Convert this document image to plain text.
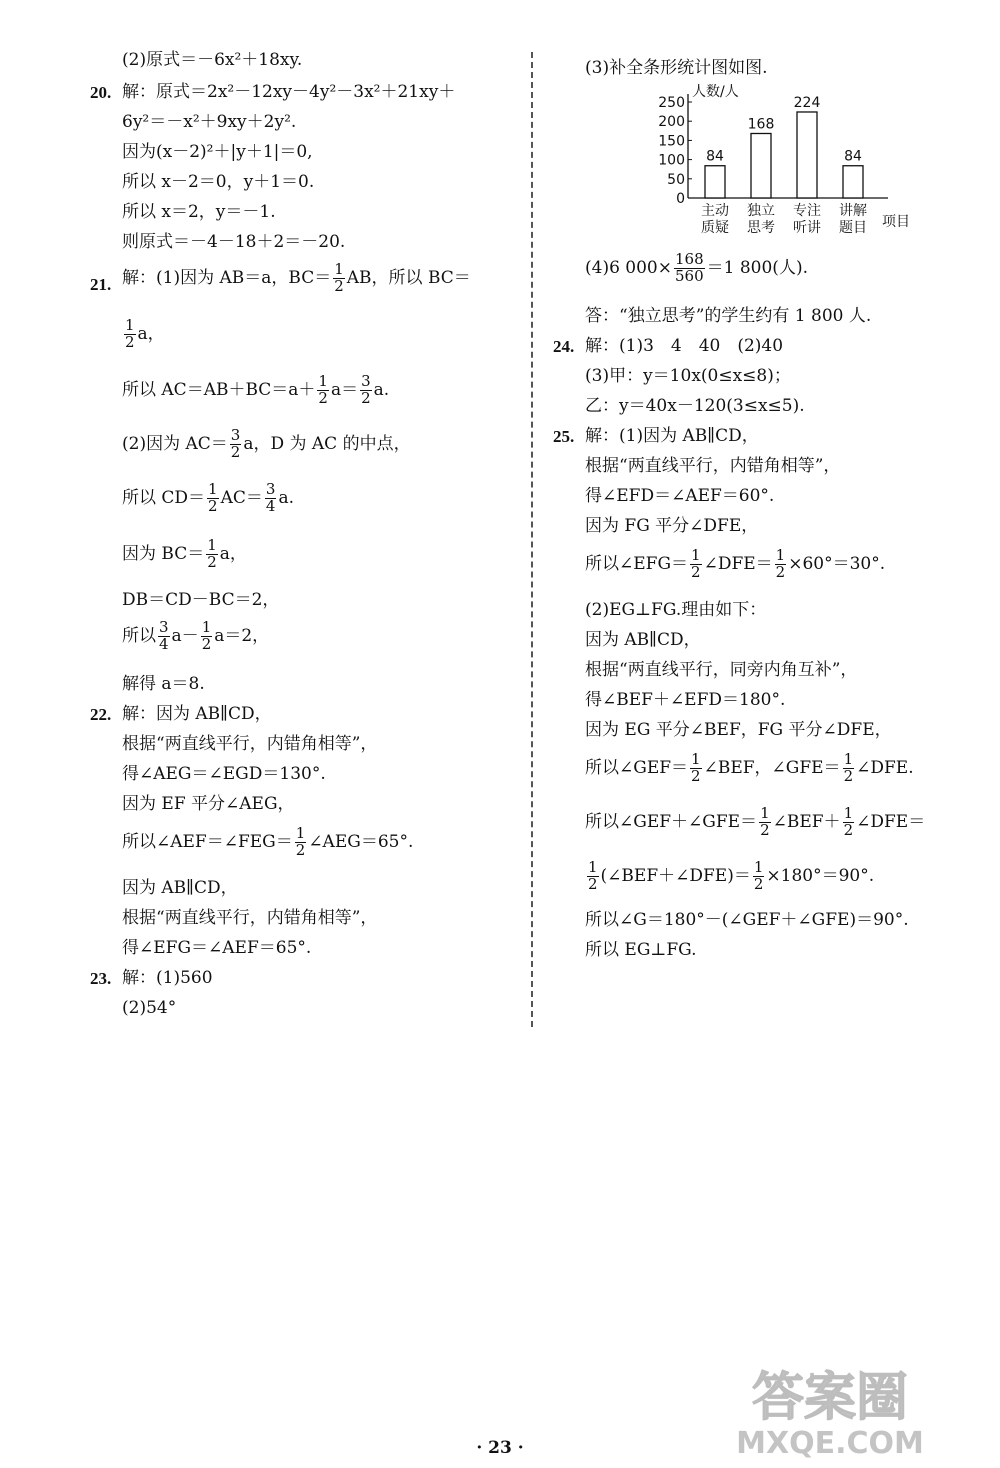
(2)原式＝－6x²＋18xy.
20. 解：原式＝2x²－12xy－4y²－3x²＋21xy＋
6y²＝－x²＋9xy＋2y².
因为(x－2)²＋|y＋1|＝0,
所以 x－2＝0，y＋1＝0.
所以 x＝2，y＝－1.
则原式＝－4－18＋2＝－20.
21. 解：(1)因为 AB＝a，$BC= \frac{1}{2}$ AB，所以 BC＝
$\frac{1}{2}$ a，
所以 $AC=AB+BC=a+ \frac{1}{2} a= \frac{3}{2} a$.
(2)因为 $AC= \frac{3}{2}$ a，D 为 AC 的中点，
所以 $CD= \frac{1}{2} AC= \frac{3}{4} a$.
因为 $BC= \frac{1}{2}$ a，
DB＝CD－BC＝2，
所以 $\frac{3}{4} a- \frac{1}{2} a=2$，
解得 a＝8.
22. 解：因为 AB∥CD，
根据“两直线平行，内错角相等”，
得∠AEG＝∠EGD＝130°.
因为 EF 平分∠AEG，
所以∠AEF＝∠FEG＝ $\frac{1}{2}$ ∠AEG＝65°.
因为 AB∥CD，
根据“两直线平行，内错角相等”，
得∠EFG＝∠AEF＝65°.
23. 解：(1)560
(2)54°
(3)补全条形统计图如图.
人数/人
项目
0
50
100
150
200
250
84
主动
质疑
168
独立
思考
224
专注
听讲
84
讲解
题目
(4)6 $000\times \frac{168}{560} =1$ 800(人).
答：“独立思考”的学生约有 1 800 人.
24. 解：(1)3　4　40　(2)40
(3)甲：y＝10x(0≤x≤8)；
乙：y＝40x－120(3≤x≤5).
25. 解：(1)因为 AB∥CD，
根据“两直线平行，内错角相等”，
得∠EFD＝∠AEF＝60°.
因为 FG 平分∠DFE，
所以∠EFG＝ $\frac{1}{2}$ ∠DFE＝ $\frac{1}{2} \times 60^\circ=30^\circ$.
(2)EG⊥FG.理由如下：
因为 AB∥CD，
根据“两直线平行，同旁内角互补”，
得∠BEF＋∠EFD＝180°.
因为 EG 平分∠BEF，FG 平分∠DFE，
所以∠GEF＝ $\frac{1}{2}$ ∠BEF，∠GFE＝ $\frac{1}{2}$ ∠DFE.
所以∠GEF＋∠GFE＝ $\frac{1}{2}$ ∠BEF＋ $\frac{1}{2}$ ∠DFE＝
$\frac{1}{2}$ (∠BEF＋∠DFE)＝ $\frac{1}{2} \times 180^\circ=90^\circ$.
所以∠G＝180°－(∠GEF＋∠GFE)＝90°.
所以 EG⊥FG.
· 23 ·
答案圈
MXQE.COM
